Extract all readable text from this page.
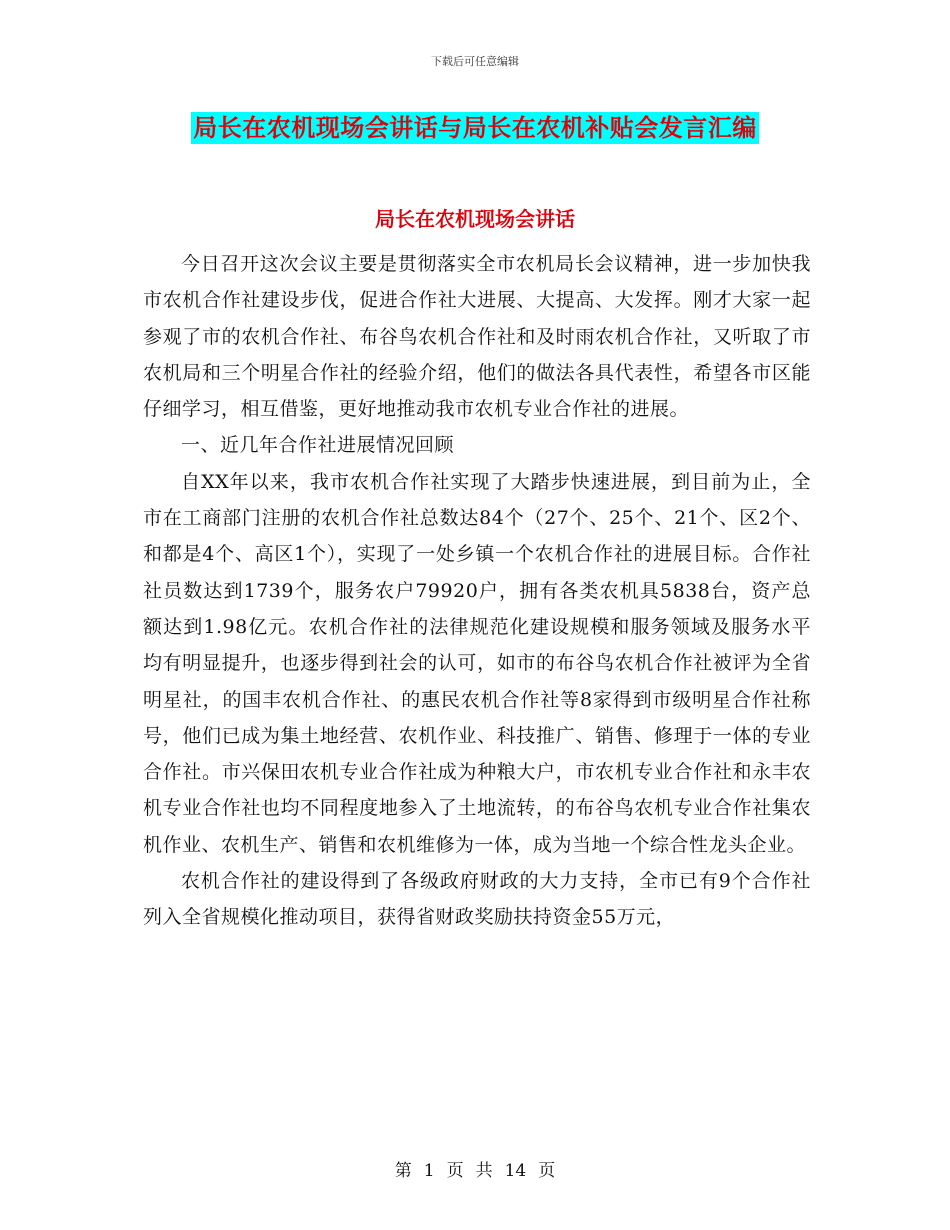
下载后可任意编辑
局长在农机现场会讲话与局长在农机补贴会发言汇编
局长在农机现场会讲话

今日召开这次会议主要是贯彻落实全市农机局长会议精神，进一步加快我市农机合作社建设步伐，促进合作社大进展、大提高、大发挥。刚才大家一起参观了市的农机合作社、布谷鸟农机合作社和及时雨农机合作社，又听取了市农机局和三个明星合作社的经验介绍，他们的做法各具代表性，希望各市区能仔细学习，相互借鉴，更好地推动我市农机专业合作社的进展。

一、近几年合作社进展情况回顾

自XX年以来，我市农机合作社实现了大踏步快速进展，到目前为止，全市在工商部门注册的农机合作社总数达84个（27个、25个、21个、区2个、和都是4个、高区1个），实现了一处乡镇一个农机合作社的进展目标。合作社社员数达到1739个，服务农户79920户，拥有各类农机具5838台，资产总额达到1.98亿元。农机合作社的法律规范化建设规模和服务领域及服务水平均有明显提升，也逐步得到社会的认可，如市的布谷鸟农机合作社被评为全省明星社，的国丰农机合作社、的惠民农机合作社等8家得到市级明星合作社称号，他们已成为集土地经营、农机作业、科技推广、销售、修理于一体的专业合作社。市兴保田农机专业合作社成为种粮大户，市农机专业合作社和永丰农机专业合作社也均不同程度地参入了土地流转，的布谷鸟农机专业合作社集农机作业、农机生产、销售和农机维修为一体，成为当地一个综合性龙头企业。

农机合作社的建设得到了各级政府财政的大力支持，全市已有9个合作社列入全省规模化推动项目，获得省财政奖励扶持资金55万元，

第 1 页 共 14 页
